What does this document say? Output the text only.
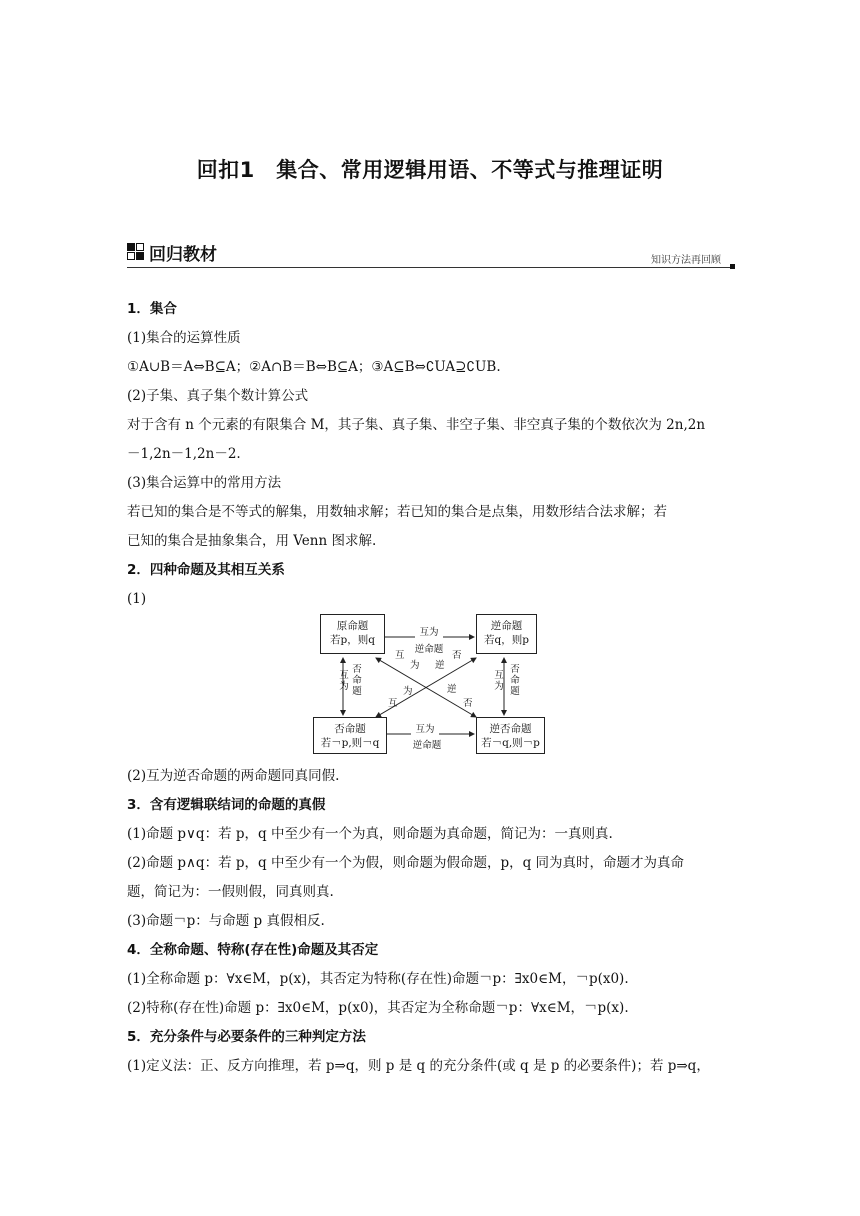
回扣1　集合、常用逻辑用语、不等式与推理证明
回归教材	知识方法再回顾

1．集合

(1)集合的运算性质

①A∪B＝A⇔B⊆A；②A∩B＝B⇔B⊆A；③A⊆B⇔∁UA⊇∁UB.

(2)子集、真子集个数计算公式

对于含有 n 个元素的有限集合 M，其子集、真子集、非空子集、非空真子集的个数依次为 2n,2n

－1,2n－1,2n－2.

(3)集合运算中的常用方法

若已知的集合是不等式的解集，用数轴求解；若已知的集合是点集，用数形结合法求解；若

已知的集合是抽象集合，用 Venn 图求解.

2．四种命题及其相互关系

(1)

原命题
若p，则q
逆命题
若q，则p
否命题
若￢p,则￢q
逆否命题
若￢q,则￢p
互为
逆命题
互为
逆命题
互为
否命题
互为
否命题
互
为 逆
否
为
互
逆
否

(2)互为逆否命题的两命题同真同假.

3．含有逻辑联结词的命题的真假

(1)命题 p∨q：若 p，q 中至少有一个为真，则命题为真命题，简记为：一真则真.

(2)命题 p∧q：若 p，q 中至少有一个为假，则命题为假命题，p，q 同为真时，命题才为真命

题，简记为：一假则假，同真则真.

(3)命题￢p：与命题 p 真假相反.

4．全称命题、特称(存在性)命题及其否定

(1)全称命题 p：∀x∈M，p(x)，其否定为特称(存在性)命题￢p：∃x0∈M，￢p(x0).

(2)特称(存在性)命题 p：∃x0∈M，p(x0)，其否定为全称命题￢p：∀x∈M，￢p(x).

5．充分条件与必要条件的三种判定方法

(1)定义法：正、反方向推理，若 p⇒q，则 p 是 q 的充分条件(或 q 是 p 的必要条件)；若 p⇒q，
